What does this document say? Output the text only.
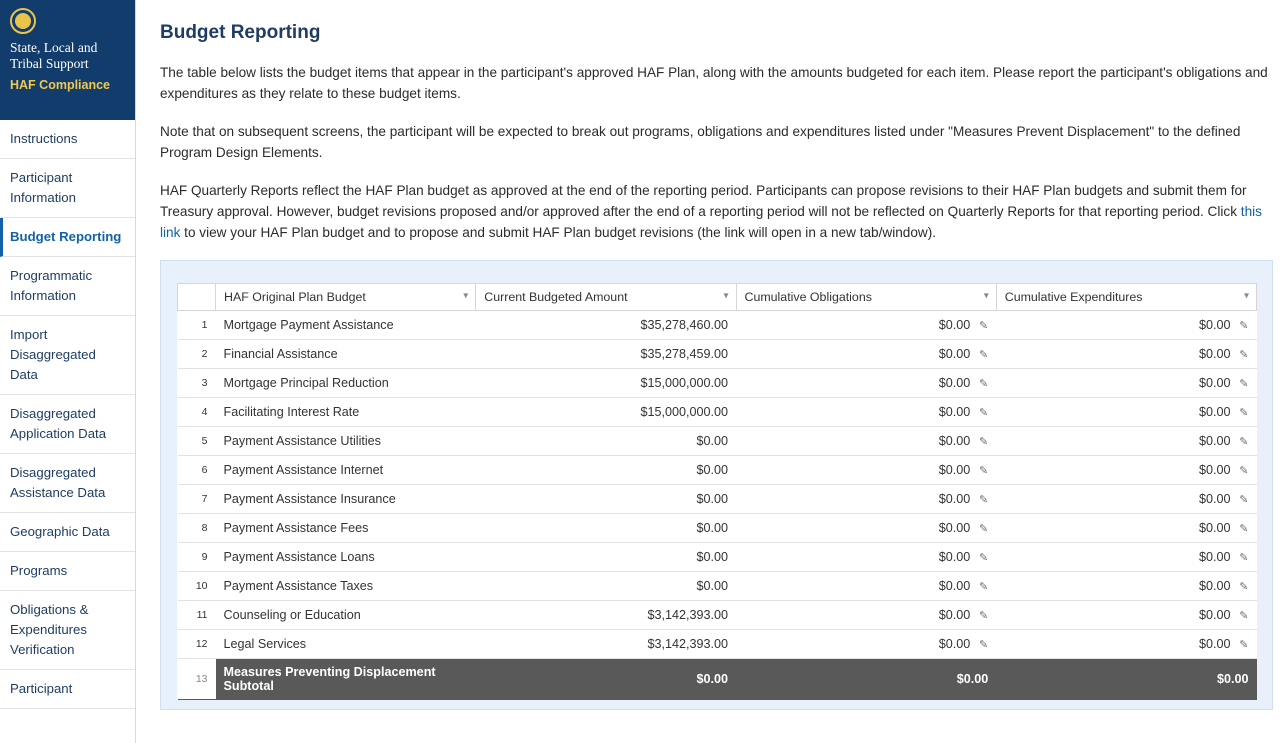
State, Local and Tribal Support
HAF Compliance
Instructions
Participant Information
Budget Reporting
Programmatic Information
Import Disaggregated Data
Disaggregated Application Data
Disaggregated Assistance Data
Geographic Data
Programs
Obligations & Expenditures Verification
Participant
Budget Reporting

The table below lists the budget items that appear in the participant's approved HAF Plan, along with the amounts budgeted for each item. Please report the participant's obligations and expenditures as they relate to these budget items.

Note that on subsequent screens, the participant will be expected to break out programs, obligations and expenditures listed under "Measures Prevent Displacement" to the defined Program Design Elements.

HAF Quarterly Reports reflect the HAF Plan budget as approved at the end of the reporting period. Participants can propose revisions to their HAF Plan budgets and submit them for Treasury approval. However, budget revisions proposed and/or approved after the end of a reporting period will not be reflected on Quarterly Reports for that reporting period. Click this link to view your HAF Plan budget and to propose and submit HAF Plan budget revisions (the link will open in a new tab/window).

	HAF Original Plan Budget ▾	Current Budgeted Amount ▾	Cumulative Obligations ▾	Cumulative Expenditures ▾

1	Mortgage Payment Assistance	$35,278,460.00	$0.00 ✎	$0.00 ✎

2	Financial Assistance	$35,278,459.00	$0.00 ✎	$0.00 ✎

3	Mortgage Principal Reduction	$15,000,000.00	$0.00 ✎	$0.00 ✎

4	Facilitating Interest Rate	$15,000,000.00	$0.00 ✎	$0.00 ✎

5	Payment Assistance Utilities	$0.00	$0.00 ✎	$0.00 ✎

6	Payment Assistance Internet	$0.00	$0.00 ✎	$0.00 ✎

7	Payment Assistance Insurance	$0.00	$0.00 ✎	$0.00 ✎

8	Payment Assistance Fees	$0.00	$0.00 ✎	$0.00 ✎

9	Payment Assistance Loans	$0.00	$0.00 ✎	$0.00 ✎

10	Payment Assistance Taxes	$0.00	$0.00 ✎	$0.00 ✎

11	Counseling or Education	$3,142,393.00	$0.00 ✎	$0.00 ✎

12	Legal Services	$3,142,393.00	$0.00 ✎	$0.00 ✎

13	Measures Preventing Displacement Subtotal	$0.00	$0.00	$0.00
